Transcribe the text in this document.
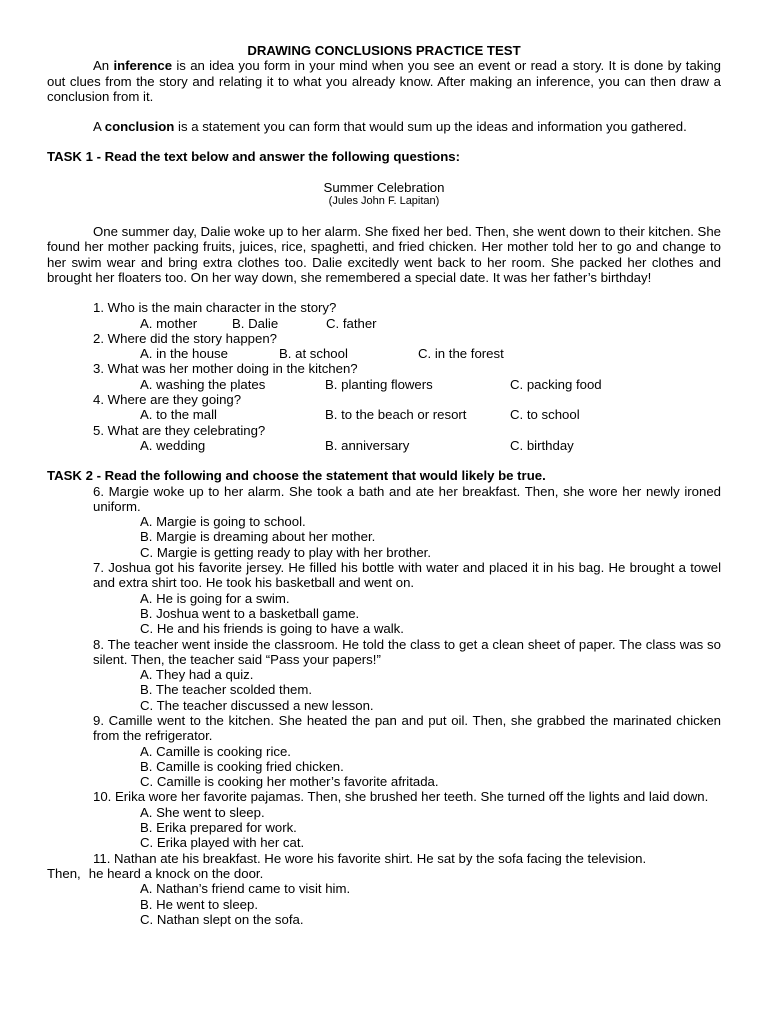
DRAWING CONCLUSIONS PRACTICE TEST

An inference is an idea you form in your mind when you see an event or read a story. It is done by taking out clues from the story and relating it to what you already know. After making an inference, you can then draw a conclusion from it.

A conclusion is a statement you can form that would sum up the ideas and information you gathered.

TASK 1 - Read the text below and answer the following questions:

Summer Celebration

(Jules John F. Lapitan)

One summer day, Dalie woke up to her alarm. She fixed her bed. Then, she went down to their kitchen. She found her mother packing fruits, juices, rice, spaghetti, and fried chicken. Her mother told her to go and change to her swim wear and bring extra clothes too. Dalie excitedly went back to her room. She packed her clothes and brought her floaters too. On her way down, she remembered a special date. It was her father’s birthday!

1. Who is the main character in the story?

A. mother	B. Dalie	C. father

2. Where did the story happen?

A. in the house	B. at school	C. in the forest

3. What was her mother doing in the kitchen?

A. washing the plates	B. planting flowers	C. packing food

4. Where are they going?

A. to the mall	B. to the beach or resort	C. to school

5. What are they celebrating?

A. wedding	B. anniversary	C. birthday

TASK 2 - Read the following and choose the statement that would likely be true.

6. Margie woke up to her alarm. She took a bath and ate her breakfast. Then, she wore her newly ironed uniform.

A. Margie is going to school.

B. Margie is dreaming about her mother.

C. Margie is getting ready to play with her brother.

7. Joshua got his favorite jersey. He filled his bottle with water and placed it in his bag. He brought a towel and extra shirt too. He took his basketball and went on.

A. He is going for a swim.

B. Joshua went to a basketball game.

C. He and his friends is going to have a walk.

8. The teacher went inside the classroom. He told the class to get a clean sheet of paper. The class was so silent. Then, the teacher said “Pass your papers!”

A. They had a quiz.

B. The teacher scolded them.

C. The teacher discussed a new lesson.

9. Camille went to the kitchen. She heated the pan and put oil. Then, she grabbed the marinated chicken from the refrigerator.

A. Camille is cooking rice.

B. Camille is cooking fried chicken.

C. Camille is cooking her mother’s favorite afritada.

10. Erika wore her favorite pajamas. Then, she brushed her teeth. She turned off the lights and laid down.

A. She went to sleep.

B. Erika prepared for work.

C. Erika played with her cat.

11. Nathan ate his breakfast. He wore his favorite shirt. He sat by the sofa facing the television.

Then, he heard a knock on the door.

A. Nathan’s friend came to visit him.

B. He went to sleep.

C. Nathan slept on the sofa.
